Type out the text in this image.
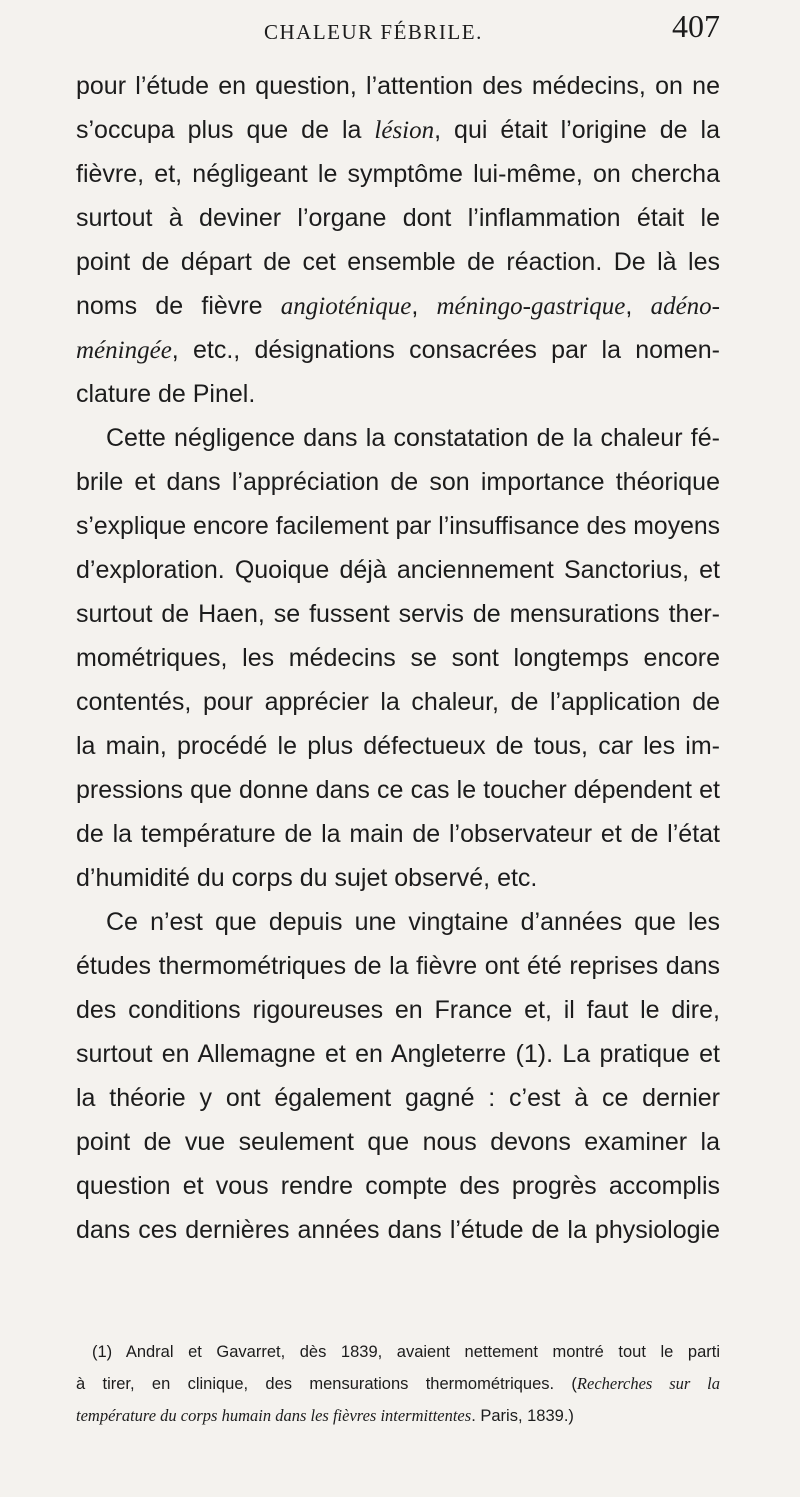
CHALEUR FÉBRILE.	407
pour l’étude en question, l’attention des médecins, on ne
s’occupa plus que de la lésion, qui était l’origine de la
fièvre, et, négligeant le symptôme lui-même, on chercha
surtout à deviner l’organe dont l’inflammation était le
point de départ de cet ensemble de réaction. De là les
noms de fièvre angioténique, méningo-gastrique, adéno-
méningée, etc., désignations consacrées par la nomen-
clature de Pinel.
Cette négligence dans la constatation de la chaleur fé-
brile et dans l’appréciation de son importance théorique
s’explique encore facilement par l’insuffisance des moyens
d’exploration. Quoique déjà anciennement Sanctorius, et
surtout de Haen, se fussent servis de mensurations ther-
mométriques, les médecins se sont longtemps encore
contentés, pour apprécier la chaleur, de l’application de
la main, procédé le plus défectueux de tous, car les im-
pressions que donne dans ce cas le toucher dépendent et
de la température de la main de l’observateur et de l’état
d’humidité du corps du sujet observé, etc.
Ce n’est que depuis une vingtaine d’années que les
études thermométriques de la fièvre ont été reprises dans
des conditions rigoureuses en France et, il faut le dire,
surtout en Allemagne et en Angleterre (1). La pratique et
la théorie y ont également gagné : c’est à ce dernier
point de vue seulement que nous devons examiner la
question et vous rendre compte des progrès accomplis
dans ces dernières années dans l’étude de la physiologie
(1) Andral et Gavarret, dès 1839, avaient nettement montré tout le parti
à tirer, en clinique, des mensurations thermométriques. (Recherches sur la
température du corps humain dans les fièvres intermittentes. Paris, 1839.)
